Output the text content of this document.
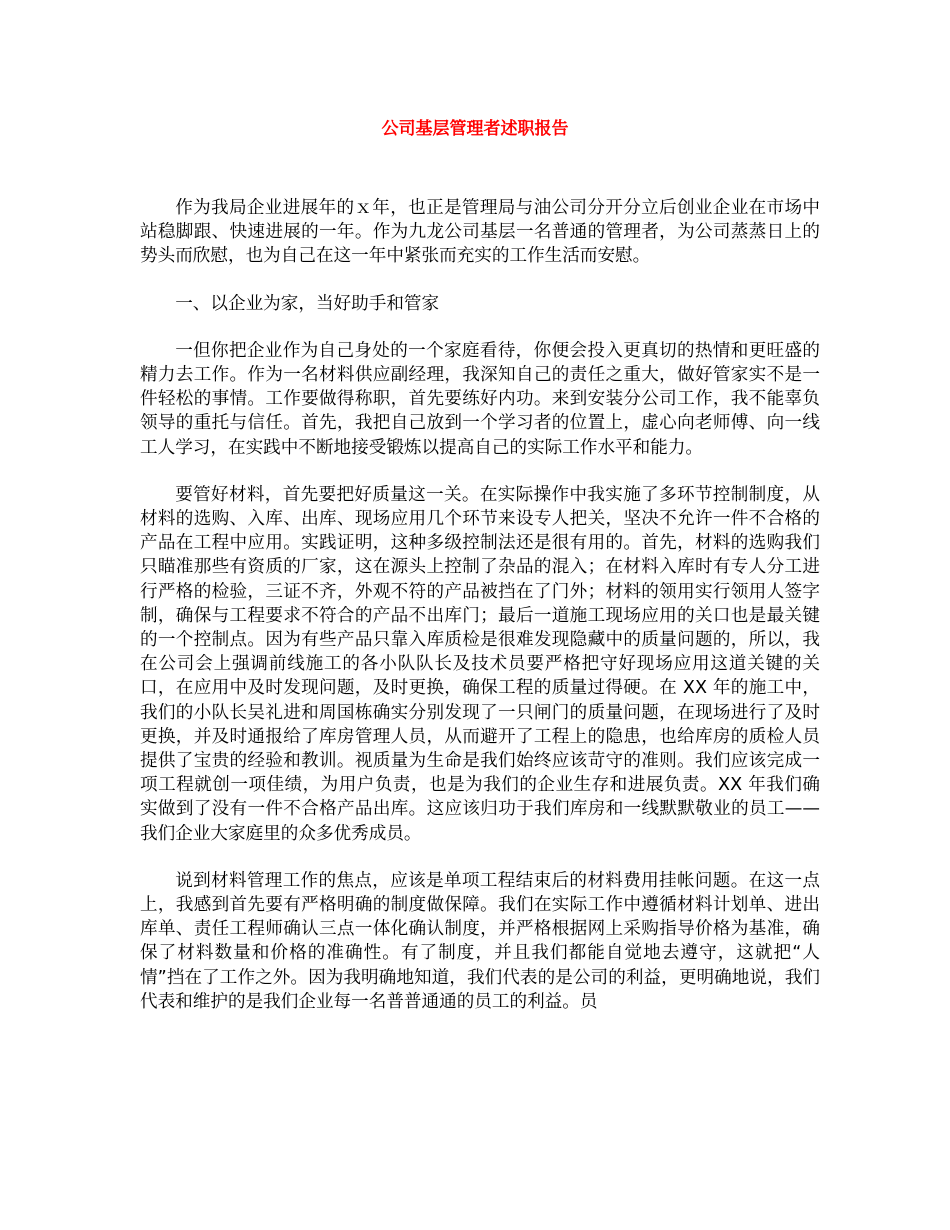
公司基层管理者述职报告

作为我局企业进展年的ｘ年，也正是管理局与油公司分开分立后创业企业在市场中站稳脚跟、快速进展的一年。作为九龙公司基层一名普通的管理者，为公司蒸蒸日上的势头而欣慰，也为自己在这一年中紧张而充实的工作生活而安慰。

一、以企业为家，当好助手和管家

一但你把企业作为自己身处的一个家庭看待，你便会投入更真切的热情和更旺盛的精力去工作。作为一名材料供应副经理，我深知自己的责任之重大，做好管家实不是一件轻松的事情。工作要做得称职，首先要练好内功。来到安装分公司工作，我不能辜负领导的重托与信任。首先，我把自己放到一个学习者的位置上，虚心向老师傅、向一线工人学习，在实践中不断地接受锻炼以提高自己的实际工作水平和能力。

要管好材料，首先要把好质量这一关。在实际操作中我实施了多环节控制制度，从材料的选购、入库、出库、现场应用几个环节来设专人把关，坚决不允许一件不合格的产品在工程中应用。实践证明，这种多级控制法还是很有用的。首先，材料的选购我们只瞄准那些有资质的厂家，这在源头上控制了杂品的混入；在材料入库时有专人分工进行严格的检验，三证不齐，外观不符的产品被挡在了门外；材料的领用实行领用人签字制，确保与工程要求不符合的产品不出库门；最后一道施工现场应用的关口也是最关键的一个控制点。因为有些产品只靠入库质检是很难发现隐藏中的质量问题的，所以，我在公司会上强调前线施工的各小队队长及技术员要严格把守好现场应用这道关键的关口，在应用中及时发现问题，及时更换，确保工程的质量过得硬。在 XX 年的施工中，我们的小队长吴礼进和周国栋确实分别发现了一只闸门的质量问题，在现场进行了及时更换，并及时通报给了库房管理人员，从而避开了工程上的隐患，也给库房的质检人员提供了宝贵的经验和教训。视质量为生命是我们始终应该苛守的准则。我们应该完成一项工程就创一项佳绩，为用户负责，也是为我们的企业生存和进展负责。XX 年我们确实做到了没有一件不合格产品出库。这应该归功于我们库房和一线默默敬业的员工——我们企业大家庭里的众多优秀成员。

说到材料管理工作的焦点，应该是单项工程结束后的材料费用挂帐问题。在这一点上，我感到首先要有严格明确的制度做保障。我们在实际工作中遵循材料计划单、进出库单、责任工程师确认三点一体化确认制度，并严格根据网上采购指导价格为基准，确保了材料数量和价格的准确性。有了制度，并且我们都能自觉地去遵守，这就把“人情”挡在了工作之外。因为我明确地知道，我们代表的是公司的利益，更明确地说，我们代表和维护的是我们企业每一名普普通通的员工的利益。员
